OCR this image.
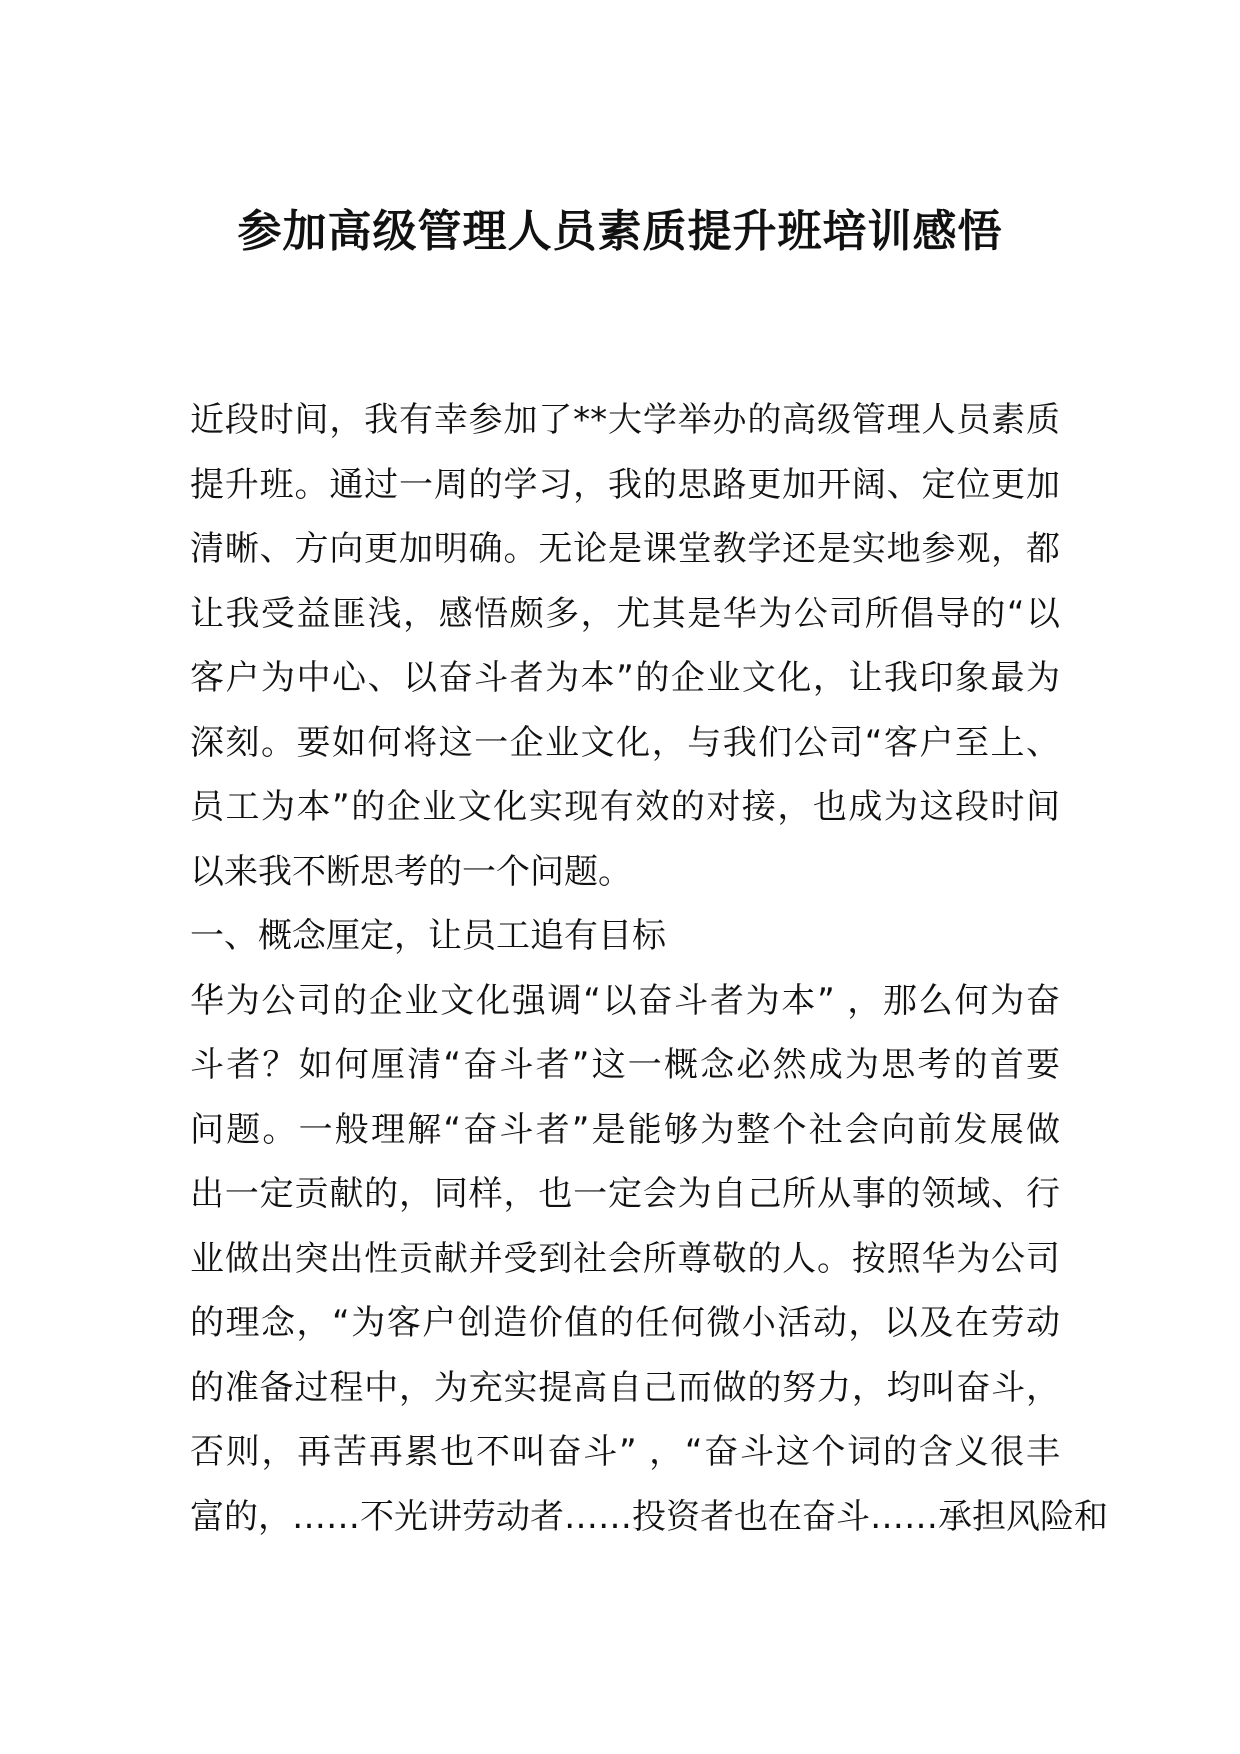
参加高级管理人员素质提升班培训感悟
近段时间，我有幸参加了**大学举办的高级管理人员素质
提升班。通过一周的学习，我的思路更加开阔、定位更加
清晰、方向更加明确。无论是课堂教学还是实地参观，都
让我受益匪浅，感悟颇多，尤其是华为公司所倡导的“以
客户为中心、以奋斗者为本”的企业文化，让我印象最为
深刻。要如何将这一企业文化，与我们公司“客户至上、
员工为本”的企业文化实现有效的对接，也成为这段时间
以来我不断思考的一个问题。
一、概念厘定，让员工追有目标
华为公司的企业文化强调“以奋斗者为本” ，那么何为奋
斗者？如何厘清“奋斗者”这一概念必然成为思考的首要
问题。一般理解“奋斗者”是能够为整个社会向前发展做
出一定贡献的，同样，也一定会为自己所从事的领域、行
业做出突出性贡献并受到社会所尊敬的人。按照华为公司
的理念，“为客户创造价值的任何微小活动，以及在劳动
的准备过程中，为充实提高自己而做的努力，均叫奋斗，
否则，再苦再累也不叫奋斗” ，“奋斗这个词的含义很丰
富的，……不光讲劳动者……投资者也在奋斗……承担风险和
